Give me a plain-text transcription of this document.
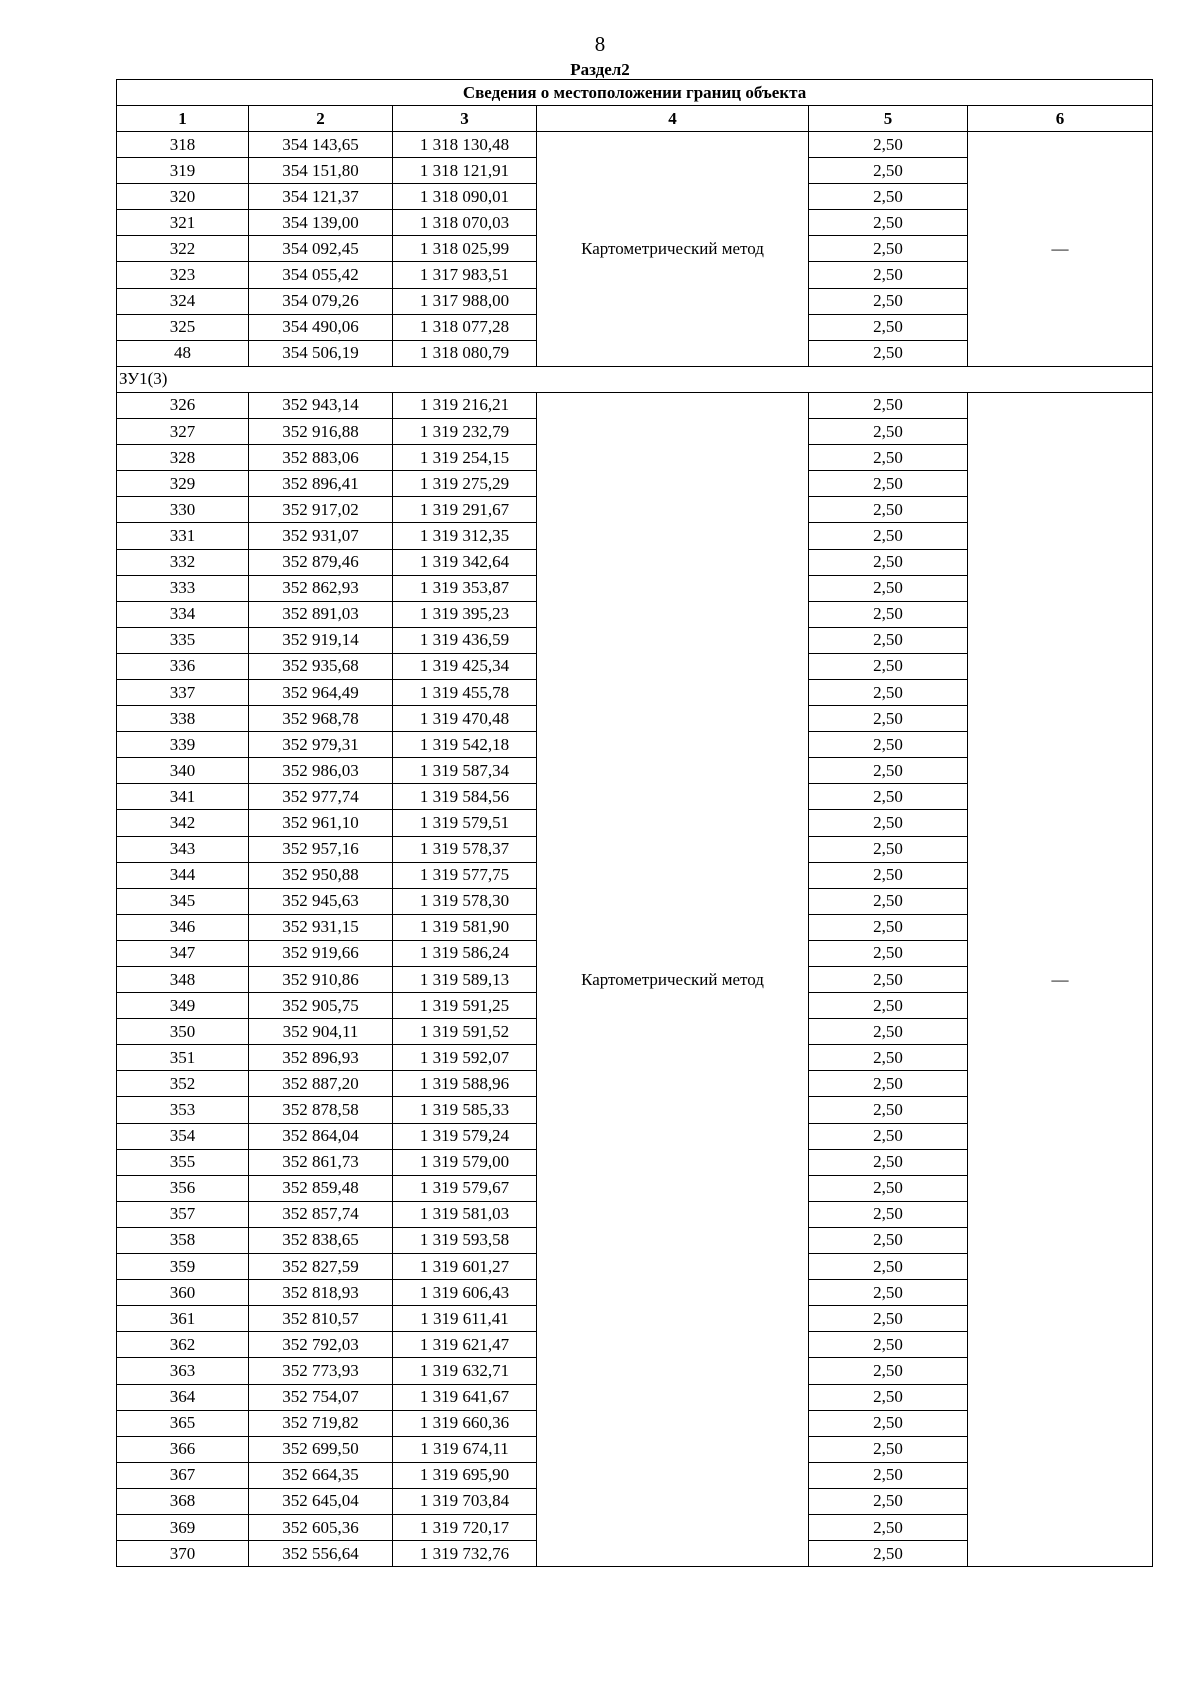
8
Раздел2
Сведения о местоположении границ объекта					
1	2	3	4	5	6
318	354 143,65	1 318 130,48	Картометрический метод	2,50	—
319	354 151,80	1 318 121,91		2,50	
320	354 121,37	1 318 090,01		2,50	
321	354 139,00	1 318 070,03		2,50	
322	354 092,45	1 318 025,99		2,50	
323	354 055,42	1 317 983,51		2,50	
324	354 079,26	1 317 988,00		2,50	
325	354 490,06	1 318 077,28		2,50	
48	354 506,19	1 318 080,79		2,50	
ЗУ1(3)					
326	352 943,14	1 319 216,21	Картометрический метод	2,50	—
327	352 916,88	1 319 232,79		2,50	
328	352 883,06	1 319 254,15		2,50	
329	352 896,41	1 319 275,29		2,50	
330	352 917,02	1 319 291,67		2,50	
331	352 931,07	1 319 312,35		2,50	
332	352 879,46	1 319 342,64		2,50	
333	352 862,93	1 319 353,87		2,50	
334	352 891,03	1 319 395,23		2,50	
335	352 919,14	1 319 436,59		2,50	
336	352 935,68	1 319 425,34		2,50	
337	352 964,49	1 319 455,78		2,50	
338	352 968,78	1 319 470,48		2,50	
339	352 979,31	1 319 542,18		2,50	
340	352 986,03	1 319 587,34		2,50	
341	352 977,74	1 319 584,56		2,50	
342	352 961,10	1 319 579,51		2,50	
343	352 957,16	1 319 578,37		2,50	
344	352 950,88	1 319 577,75		2,50	
345	352 945,63	1 319 578,30		2,50	
346	352 931,15	1 319 581,90		2,50	
347	352 919,66	1 319 586,24		2,50	
348	352 910,86	1 319 589,13		2,50	
349	352 905,75	1 319 591,25		2,50	
350	352 904,11	1 319 591,52		2,50	
351	352 896,93	1 319 592,07		2,50	
352	352 887,20	1 319 588,96		2,50	
353	352 878,58	1 319 585,33		2,50	
354	352 864,04	1 319 579,24		2,50	
355	352 861,73	1 319 579,00		2,50	
356	352 859,48	1 319 579,67		2,50	
357	352 857,74	1 319 581,03		2,50	
358	352 838,65	1 319 593,58		2,50	
359	352 827,59	1 319 601,27		2,50	
360	352 818,93	1 319 606,43		2,50	
361	352 810,57	1 319 611,41		2,50	
362	352 792,03	1 319 621,47		2,50	
363	352 773,93	1 319 632,71		2,50	
364	352 754,07	1 319 641,67		2,50	
365	352 719,82	1 319 660,36		2,50	
366	352 699,50	1 319 674,11		2,50	
367	352 664,35	1 319 695,90		2,50	
368	352 645,04	1 319 703,84		2,50	
369	352 605,36	1 319 720,17		2,50	
370	352 556,64	1 319 732,76		2,50	
